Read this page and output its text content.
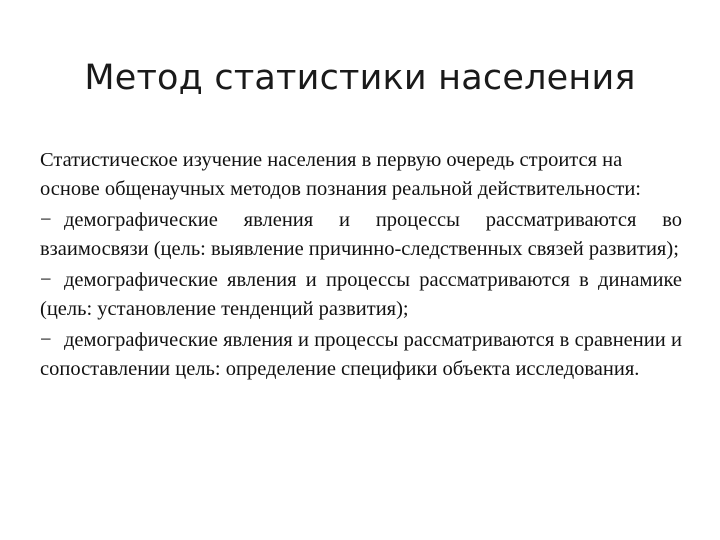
Метод статистики населения

Статистическое изучение населения в первую очередь строится на основе общенаучных методов познания реальной действительности:

− демографические явления и процессы рассматриваются во взаимосвязи (цель: выявление причинно-следственных связей развития);

− демографические явления и процессы рассматриваются в динамике (цель: установление тенденций развития);

− демографические явления и процессы рассматриваются в сравнении и сопоставлении цель: определение специфики объекта исследования.
